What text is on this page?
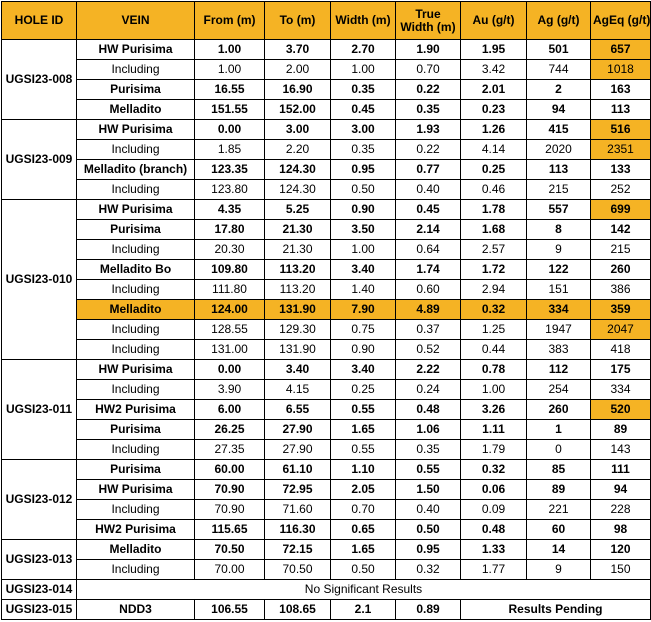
HOLE ID	VEIN	From (m)	To (m)	Width (m)	True Width (m)	Au (g/t)	Ag (g/t)	AgEq (g/t)
UGSI23-008	HW Purisima	1.00	3.70	2.70	1.90	1.95	501	657
	Including	1.00	2.00	1.00	0.70	3.42	744	1018
	Purisima	16.55	16.90	0.35	0.22	2.01	2	163
	Melladito	151.55	152.00	0.45	0.35	0.23	94	113
UGSI23-009	HW Purisima	0.00	3.00	3.00	1.93	1.26	415	516
	Including	1.85	2.20	0.35	0.22	4.14	2020	2351
	Melladito (branch)	123.35	124.30	0.95	0.77	0.25	113	133
	Including	123.80	124.30	0.50	0.40	0.46	215	252
UGSI23-010	HW Purisima	4.35	5.25	0.90	0.45	1.78	557	699
	Purisima	17.80	21.30	3.50	2.14	1.68	8	142
	Including	20.30	21.30	1.00	0.64	2.57	9	215
	Melladito Bo	109.80	113.20	3.40	1.74	1.72	122	260
	Including	111.80	113.20	1.40	0.60	2.94	151	386
	Melladito	124.00	131.90	7.90	4.89	0.32	334	359
	Including	128.55	129.30	0.75	0.37	1.25	1947	2047
	Including	131.00	131.90	0.90	0.52	0.44	383	418
UGSI23-011	HW Purisima	0.00	3.40	3.40	2.22	0.78	112	175
	Including	3.90	4.15	0.25	0.24	1.00	254	334
	HW2 Purisima	6.00	6.55	0.55	0.48	3.26	260	520
	Purisima	26.25	27.90	1.65	1.06	1.11	1	89
	Including	27.35	27.90	0.55	0.35	1.79	0	143
UGSI23-012	Purisima	60.00	61.10	1.10	0.55	0.32	85	111
	HW Purisima	70.90	72.95	2.05	1.50	0.06	89	94
	Including	70.90	71.60	0.70	0.40	0.09	221	228
	HW2 Purisima	115.65	116.30	0.65	0.50	0.48	60	98
UGSI23-013	Melladito	70.50	72.15	1.65	0.95	1.33	14	120
	Including	70.00	70.50	0.50	0.32	1.77	9	150
UGSI23-014	No Significant Results							
UGSI23-015	NDD3	106.55	108.65	2.1	0.89	Results Pending		
